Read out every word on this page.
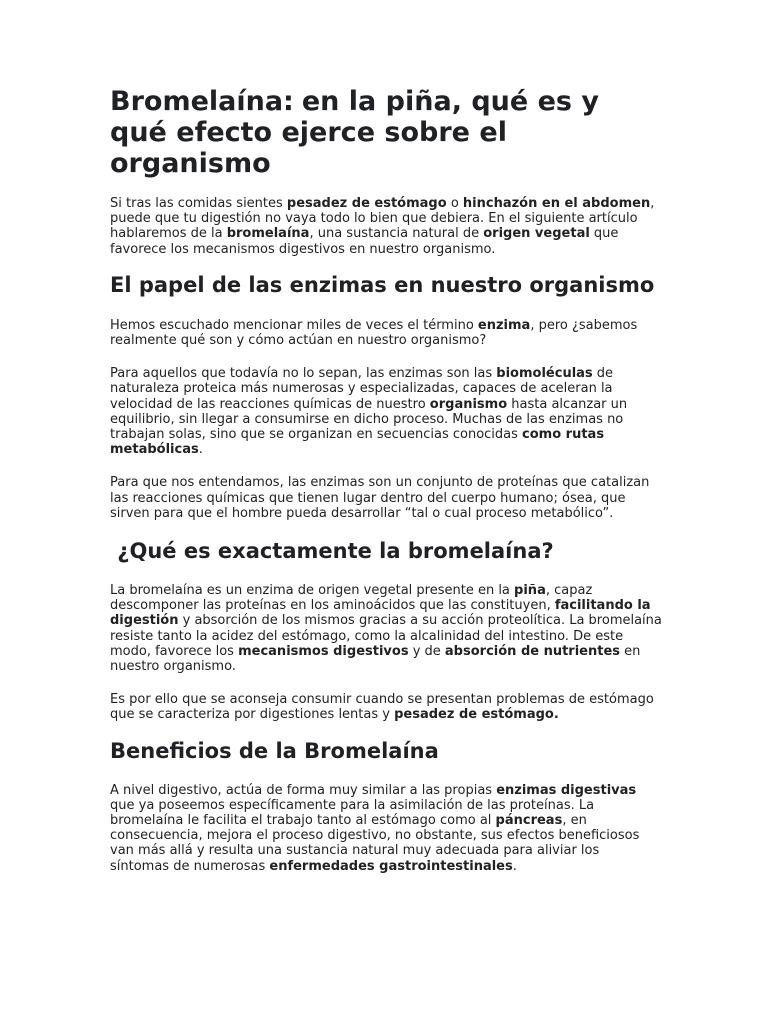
Bromelaína: en la piña, qué es y qué efecto ejerce sobre el organismo

Si tras las comidas sientes pesadez de estómago o hinchazón en el abdomen, puede que tu digestión no vaya todo lo bien que debiera. En el siguiente artículo hablaremos de la bromelaína, una sustancia natural de origen vegetal que favorece los mecanismos digestivos en nuestro organismo.

El papel de las enzimas en nuestro organismo

Hemos escuchado mencionar miles de veces el término enzima, pero ¿sabemos realmente qué son y cómo actúan en nuestro organismo?

Para aquellos que todavía no lo sepan, las enzimas son las biomoléculas de naturaleza proteica más numerosas y especializadas, capaces de aceleran la velocidad de las reacciones químicas de nuestro organismo hasta alcanzar un equilibrio, sin llegar a consumirse en dicho proceso. Muchas de las enzimas no trabajan solas, sino que se organizan en secuencias conocidas como rutas metabólicas.

Para que nos entendamos, las enzimas son un conjunto de proteínas que catalizan las reacciones químicas que tienen lugar dentro del cuerpo humano; ósea, que sirven para que el hombre pueda desarrollar “tal o cual proceso metabólico”.

¿Qué es exactamente la bromelaína?

La bromelaína es un enzima de origen vegetal presente en la piña, capaz descomponer las proteínas en los aminoácidos que las constituyen, facilitando la digestión y absorción de los mismos gracias a su acción proteolítica. La bromelaína resiste tanto la acidez del estómago, como la alcalinidad del intestino. De este modo, favorece los mecanismos digestivos y de absorción de nutrientes en nuestro organismo.

Es por ello que se aconseja consumir cuando se presentan problemas de estómago que se caracteriza por digestiones lentas y pesadez de estómago.

Beneficios de la Bromelaína

A nivel digestivo, actúa de forma muy similar a las propias enzimas digestivas que ya poseemos específicamente para la asimilación de las proteínas. La bromelaína le facilita el trabajo tanto al estómago como al páncreas, en consecuencia, mejora el proceso digestivo, no obstante, sus efectos beneficiosos van más allá y resulta una sustancia natural muy adecuada para aliviar los síntomas de numerosas enfermedades gastrointestinales.
